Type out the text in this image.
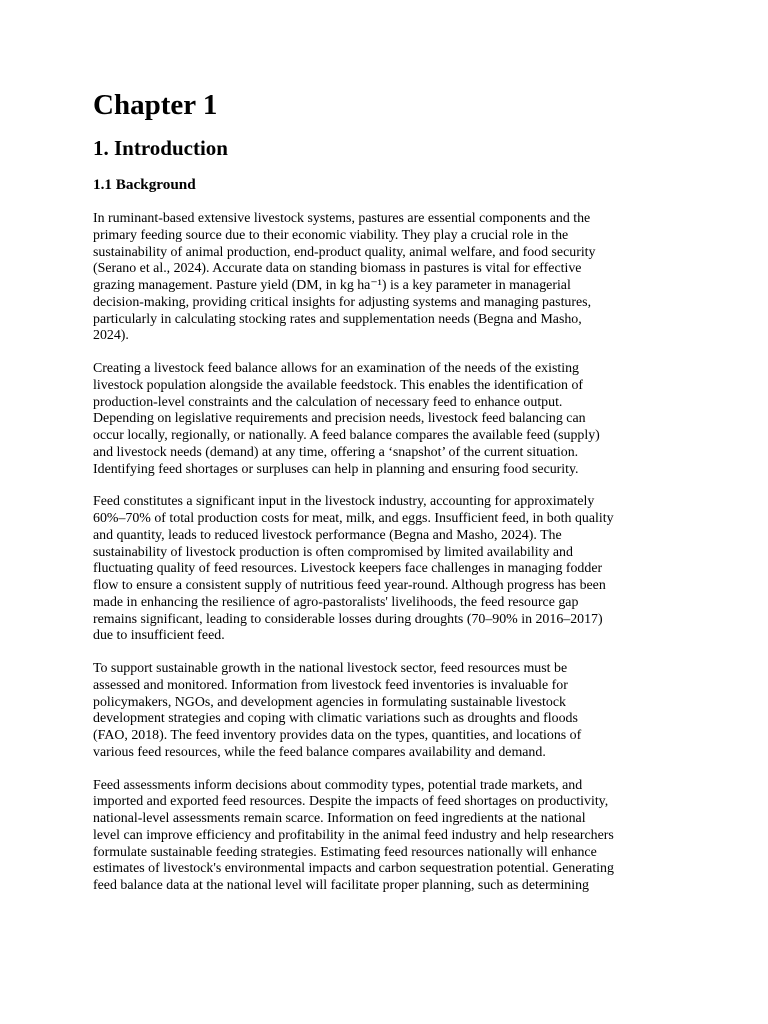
Chapter 1
1. Introduction
1.1 Background

In ruminant-based extensive livestock systems, pastures are essential components and the
primary feeding source due to their economic viability. They play a crucial role in the
sustainability of animal production, end-product quality, animal welfare, and food security
(Serano et al., 2024). Accurate data on standing biomass in pastures is vital for effective
grazing management. Pasture yield (DM, in kg ha⁻¹) is a key parameter in managerial
decision-making, providing critical insights for adjusting systems and managing pastures,
particularly in calculating stocking rates and supplementation needs (Begna and Masho,
2024).

Creating a livestock feed balance allows for an examination of the needs of the existing
livestock population alongside the available feedstock. This enables the identification of
production-level constraints and the calculation of necessary feed to enhance output.
Depending on legislative requirements and precision needs, livestock feed balancing can
occur locally, regionally, or nationally. A feed balance compares the available feed (supply)
and livestock needs (demand) at any time, offering a ‘snapshot’ of the current situation.
Identifying feed shortages or surpluses can help in planning and ensuring food security.

Feed constitutes a significant input in the livestock industry, accounting for approximately
60%–70% of total production costs for meat, milk, and eggs. Insufficient feed, in both quality
and quantity, leads to reduced livestock performance (Begna and Masho, 2024). The
sustainability of livestock production is often compromised by limited availability and
fluctuating quality of feed resources. Livestock keepers face challenges in managing fodder
flow to ensure a consistent supply of nutritious feed year-round. Although progress has been
made in enhancing the resilience of agro-pastoralists' livelihoods, the feed resource gap
remains significant, leading to considerable losses during droughts (70–90% in 2016–2017)
due to insufficient feed.

To support sustainable growth in the national livestock sector, feed resources must be
assessed and monitored. Information from livestock feed inventories is invaluable for
policymakers, NGOs, and development agencies in formulating sustainable livestock
development strategies and coping with climatic variations such as droughts and floods
(FAO, 2018). The feed inventory provides data on the types, quantities, and locations of
various feed resources, while the feed balance compares availability and demand.

Feed assessments inform decisions about commodity types, potential trade markets, and
imported and exported feed resources. Despite the impacts of feed shortages on productivity,
national-level assessments remain scarce. Information on feed ingredients at the national
level can improve efficiency and profitability in the animal feed industry and help researchers
formulate sustainable feeding strategies. Estimating feed resources nationally will enhance
estimates of livestock's environmental impacts and carbon sequestration potential. Generating
feed balance data at the national level will facilitate proper planning, such as determining
